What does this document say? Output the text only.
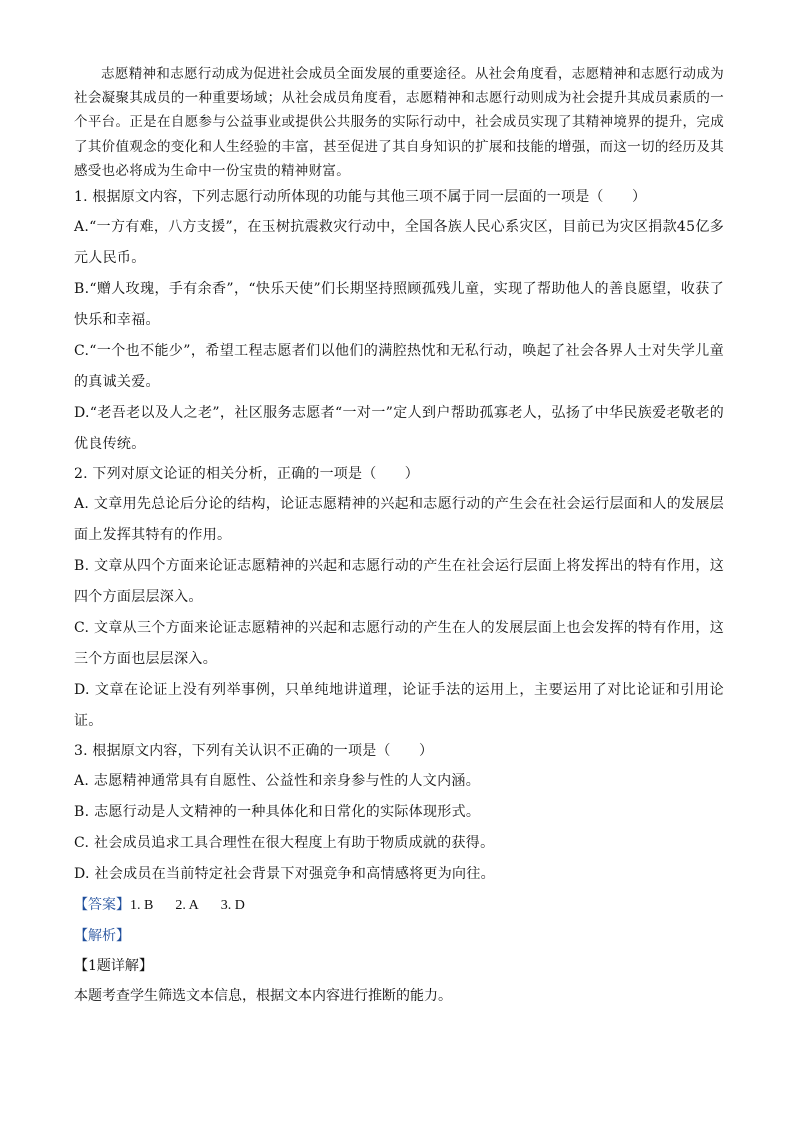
志愿精神和志愿行动成为促进社会成员全面发展的重要途径。从社会角度看，志愿精神和志愿行动成为社会凝聚其成员的一种重要场域；从社会成员角度看，志愿精神和志愿行动则成为社会提升其成员素质的一个平台。正是在自愿参与公益事业或提供公共服务的实际行动中，社会成员实现了其精神境界的提升，完成了其价值观念的变化和人生经验的丰富，甚至促进了其自身知识的扩展和技能的增强，而这一切的经历及其感受也必将成为生命中一份宝贵的精神财富。

1. 根据原文内容，下列志愿行动所体现的功能与其他三项不属于同一层面的一项是（　　）

A.“一方有难，八方支援”，在玉树抗震救灾行动中，全国各族人民心系灾区，目前已为灾区捐款45亿多元人民币。

B.“赠人玫瑰，手有余香”，“快乐天使”们长期坚持照顾孤残儿童，实现了帮助他人的善良愿望，收获了快乐和幸福。

C.“一个也不能少”，希望工程志愿者们以他们的满腔热忱和无私行动，唤起了社会各界人士对失学儿童的真诚关爱。

D.“老吾老以及人之老”，社区服务志愿者“一对一”定人到户帮助孤寡老人，弘扬了中华民族爱老敬老的优良传统。

2. 下列对原文论证的相关分析，正确的一项是（　　）

A. 文章用先总论后分论的结构，论证志愿精神的兴起和志愿行动的产生会在社会运行层面和人的发展层面上发挥其特有的作用。

B. 文章从四个方面来论证志愿精神的兴起和志愿行动的产生在社会运行层面上将发挥出的特有作用，这四个方面层层深入。

C. 文章从三个方面来论证志愿精神的兴起和志愿行动的产生在人的发展层面上也会发挥的特有作用，这三个方面也层层深入。

D. 文章在论证上没有列举事例，只单纯地讲道理，论证手法的运用上，主要运用了对比论证和引用论证。

3. 根据原文内容，下列有关认识不正确的一项是（　　）

A. 志愿精神通常具有自愿性、公益性和亲身参与性的人文内涵。

B. 志愿行动是人文精神的一种具体化和日常化的实际体现形式。

C. 社会成员追求工具合理性在很大程度上有助于物质成就的获得。

D. 社会成员在当前特定社会背景下对强竞争和高情感将更为向往。

【答案】1. B 2. A 3. D

【解析】

【1题详解】

本题考查学生筛选文本信息，根据文本内容进行推断的能力。
